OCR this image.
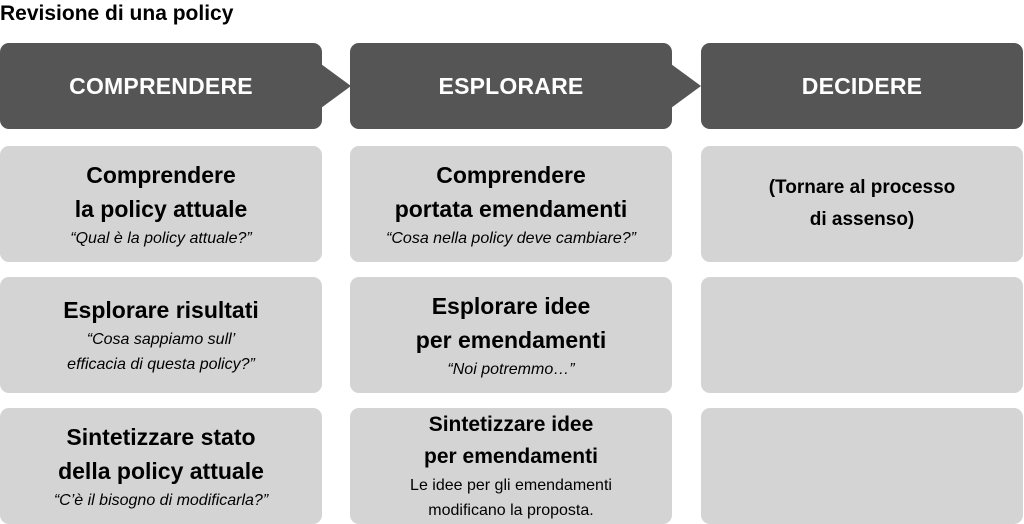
Revisione di una policy
COMPRENDERE	ESPLORARE	DECIDERE
Comprendere
la policy attuale
“Qual è la policy attuale?”
Comprendere
portata emendamenti
“Cosa nella policy deve cambiare?”
(Tornare al processo
di assenso)
Esplorare risultati
“Cosa sappiamo sull’
efficacia di questa policy?”
Esplorare idee
per emendamenti
“Noi potremmo…”
Sintetizzare stato
della policy attuale
“C’è il bisogno di modificarla?”
Sintetizzare idee
per emendamenti
Le idee per gli emendamenti
modificano la proposta.
